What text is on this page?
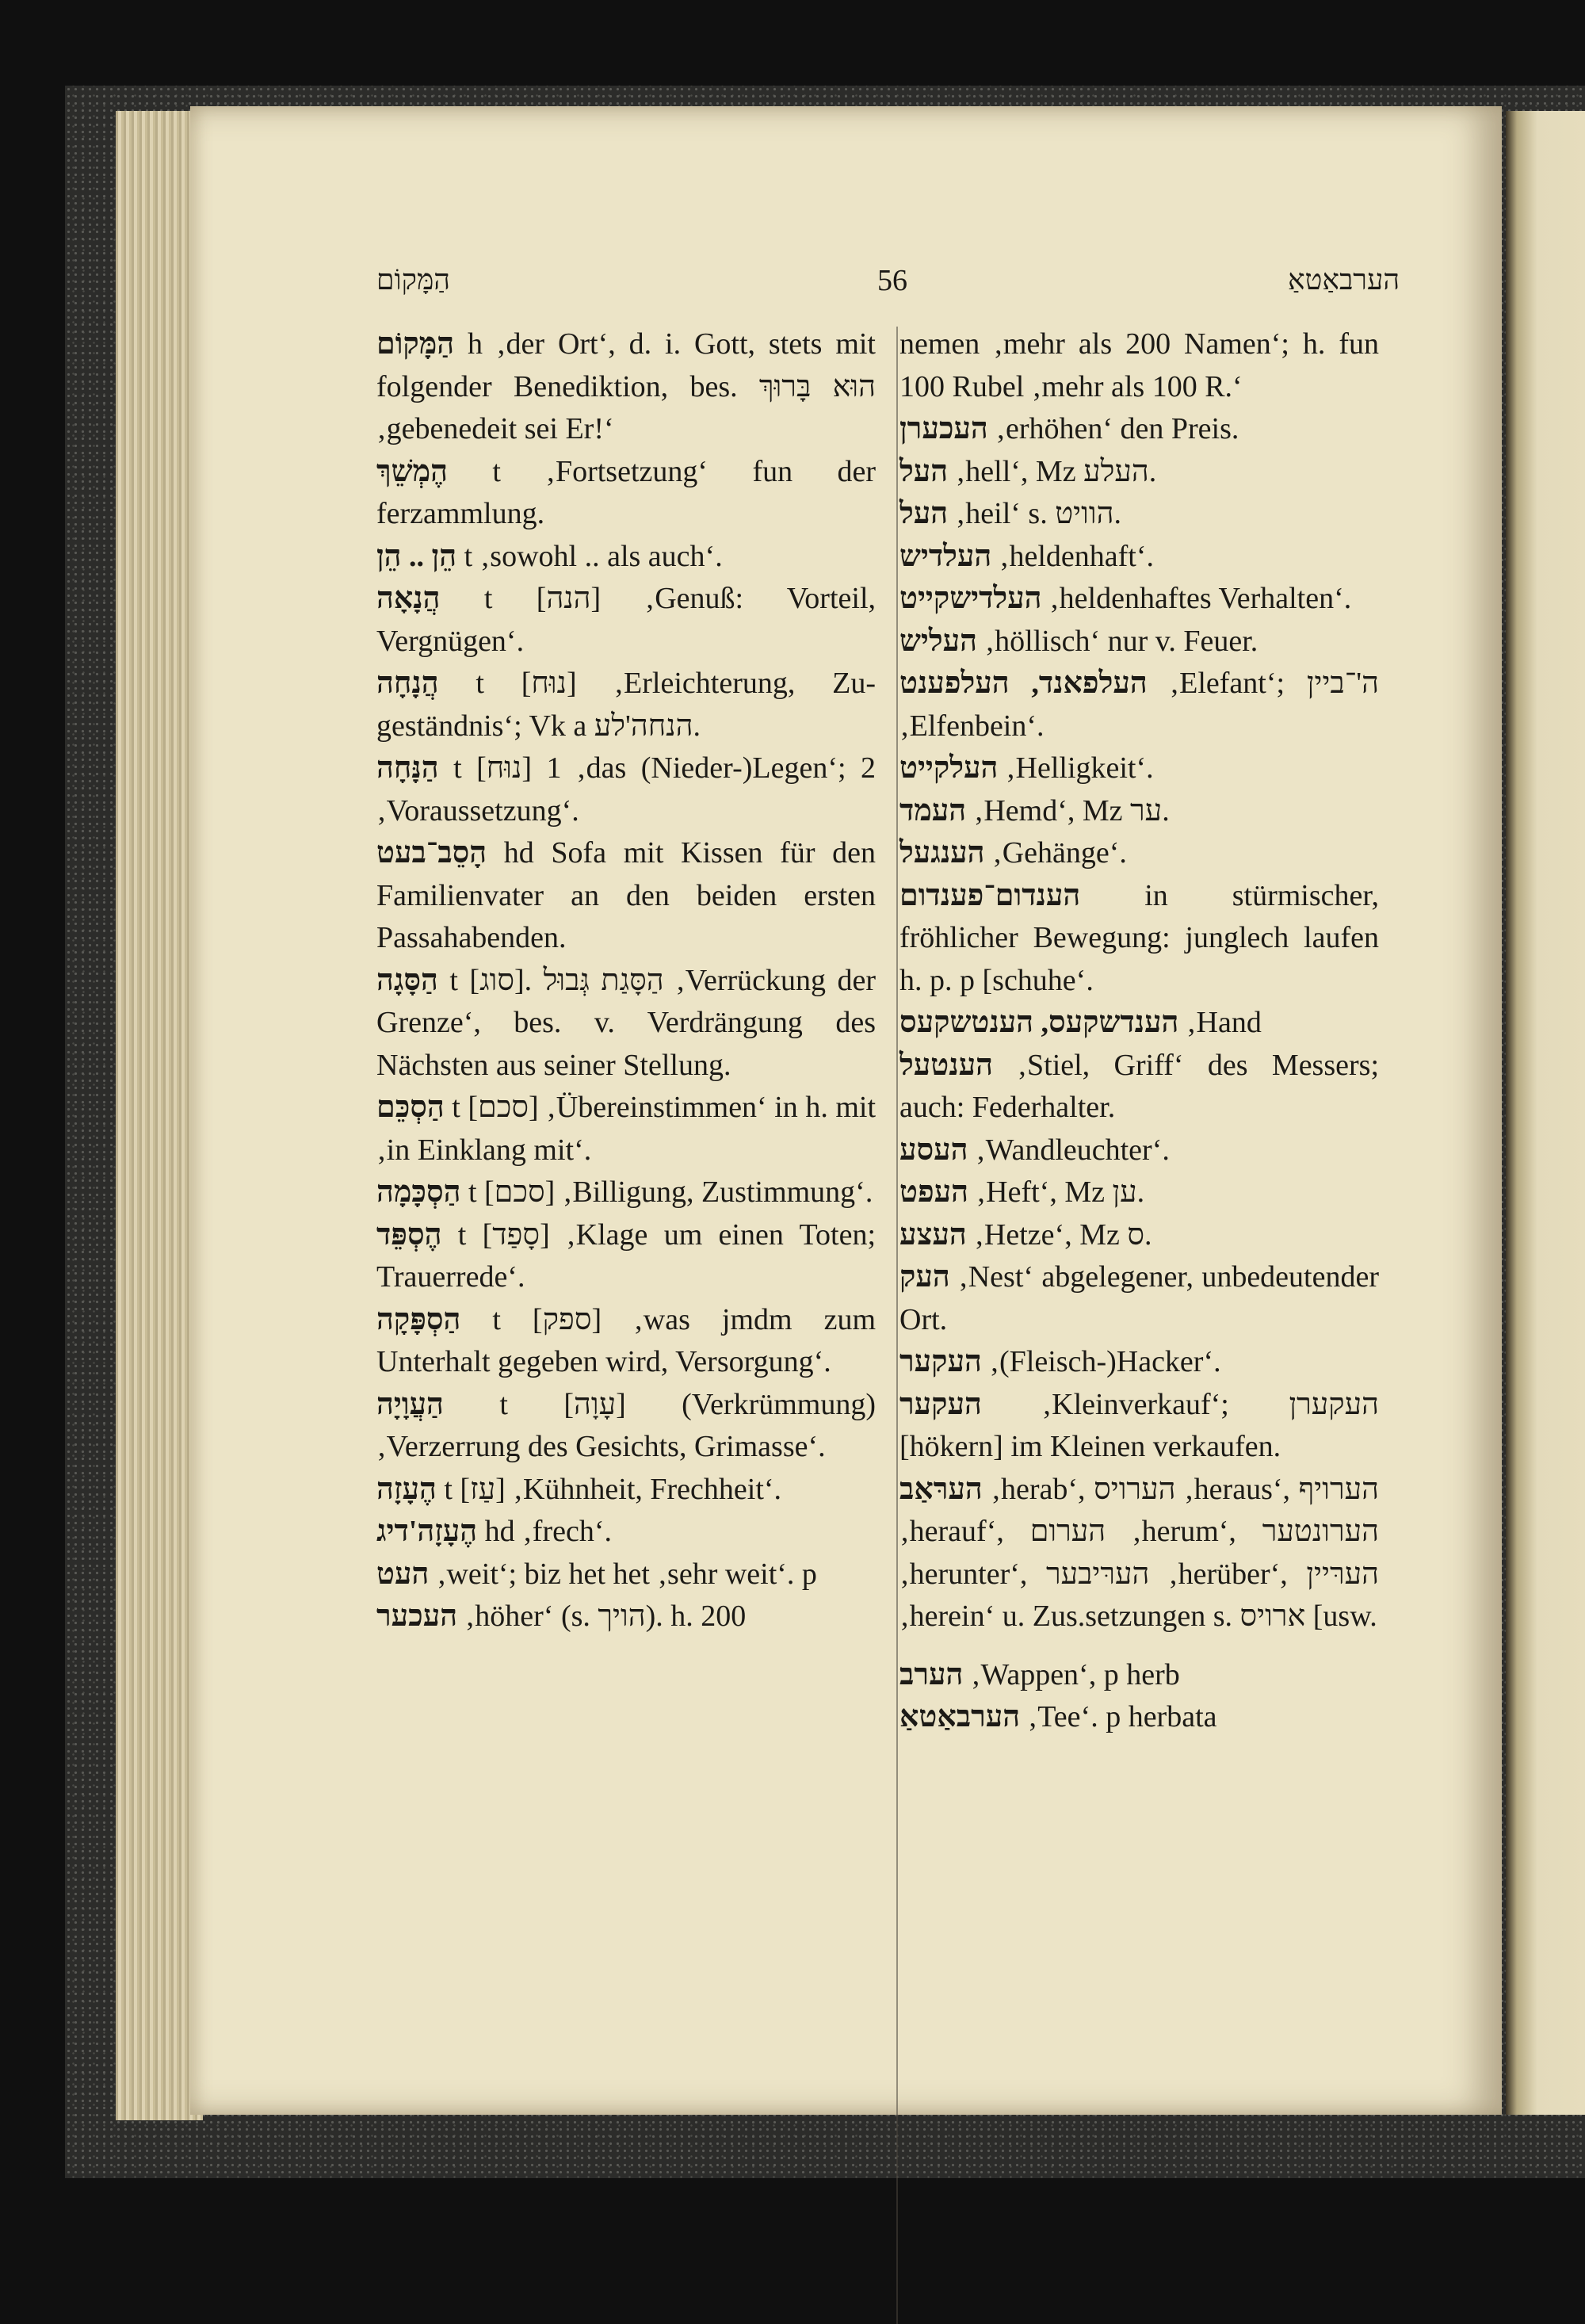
הַמָּקוֹם	56	הערבאַטאַ
הַמָּקוֹם h ‚der Ort‘, d. i. Gott, stets mit folgender Benediktion, bes. הוּא בָּרוּךְ ‚gebenedeit sei Er!‘
הֶמְשֵׁךְ t ‚Fortsetzung‘ fun der ferzammlung.
הֵן .. הֵן t ‚sowohl .. als auch‘.
הֲנָאָה t [הנה] ‚Genuß: Vorteil, Vergnügen‘.
הֲנָחָה t [נוּח] ‚Erleichterung, Zugeständnis‘; Vk a הנחה'לע.
הַנָּחָה t [נוּח] 1 ‚das (Nieder-)Legen‘; 2 ‚Voraussetzung‘.
הָסֵב־בעט hd Sofa mit Kissen für den Familienvater an den beiden ersten Passahabenden.
הַסָּגָה t [סוג]. הַסָּגַת גְּבוּל ‚Verrückung der Grenze‘, bes. v. Verdrängung des Nächsten aus seiner Stellung.
הַסְכֵּם t [סכם] ‚Übereinstimmen‘ in h. mit ‚in Einklang mit‘.
הַסְכָּמָה t [סכם] ‚Billigung, Zustimmung‘.
הֶסְפֵּד t [סָפַד] ‚Klage um einen Toten; Trauerrede‘.
הַסְפָּקָה t [ספק] ‚was jmdm zum Unterhalt gegeben wird, Versorgung‘.
הַעֲוָיָה t [עָוָה] (Verkrümmung) ‚Verzerrung des Gesichts, Grimasse‘.
הֶעָזָה t [עַז] ‚Kühnheit, Frechheit‘.
הֶעָזָה'דיג hd ‚frech‘.
העט ‚weit‘; biz het het ‚sehr weit‘. p
העכער ‚höher‘ (s. הויך). h. 200
nemen ‚mehr als 200 Namen‘; h. fun 100 Rubel ‚mehr als 100 R.‘
העכערן ‚erhöhen‘ den Preis.
העל ‚hell‘, Mz העלע.
העל ‚heil‘ s. הוויט.
העלדיש ‚heldenhaft‘.
העלדישקייט ‚heldenhaftes Verhalten‘.
העליש ‚höllisch‘ nur v. Feuer.
העלפאנד, העלפענט ‚Elefant‘; ה'־ביין ‚Elfenbein‘.
העלקייט ‚Helligkeit‘.
העמד ‚Hemd‘, Mz ער.
הענגעל ‚Gehänge‘.
הענדום־פענדום in stürmischer, fröhlicher Bewegung: junglech laufen h. p. p [schuhe‘.
הענדשקעס, הענטשקעס ‚Hand
הענטעל ‚Stiel, Griff‘ des Messers; auch: Federhalter.
העסע ‚Wandleuchter‘.
העפט ‚Heft‘, Mz ען.
העצע ‚Hetze‘, Mz ס.
העק ‚Nest‘ abgelegener, unbedeutender Ort.
העקער ‚(Fleisch-)Hacker‘.
העקער ‚Kleinverkauf‘; העקערן [hökern] im Kleinen verkaufen.
הערּאַב ‚herab‘, הערויס ‚heraus‘, הערויף ‚herauf‘, הערום ‚herum‘, הערונטער ‚herunter‘, הערּיבער ‚herüber‘, הערּיין ‚herein‘ u. Zus.setzungen s. ארויס [usw.
הערב ‚Wappen‘, p herb
הערבאַטאַ ‚Tee‘. p herbata
